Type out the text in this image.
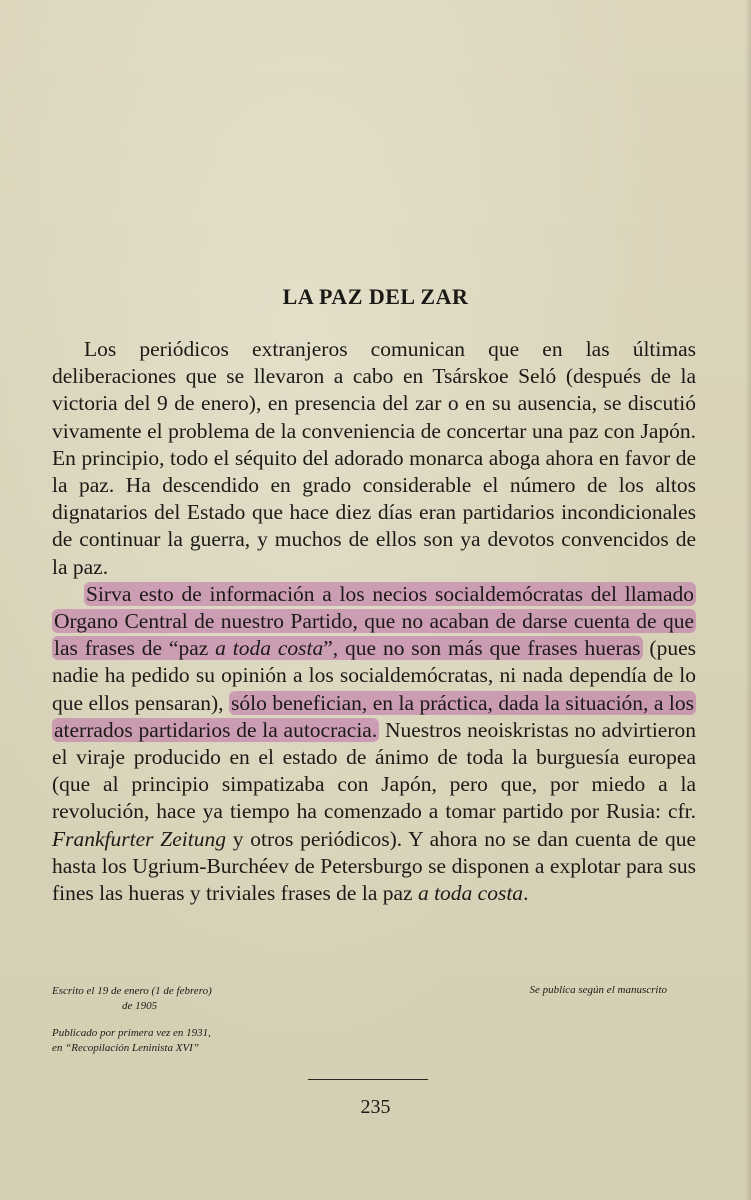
LA PAZ DEL ZAR

Los periódicos extranjeros comunican que en las últimas deliberaciones que se llevaron a cabo en Tsárskoe Seló (después de la victoria del 9 de enero), en presencia del zar o en su ausencia, se discutió vivamente el problema de la conveniencia de concertar una paz con Japón. En principio, todo el séquito del adorado monarca aboga ahora en favor de la paz. Ha descendido en grado considerable el número de los altos dignatarios del Estado que hace diez días eran partidarios incondicionales de continuar la guerra, y muchos de ellos son ya devotos convencidos de la paz.

Sirva esto de información a los necios socialdemócratas del llamado Organo Central de nuestro Partido, que no acaban de darse cuenta de que las frases de “paz a toda costa”, que no son más que frases hueras (pues nadie ha pedido su opinión a los socialdemócratas, ni nada dependía de lo que ellos pensaran), sólo benefician, en la práctica, dada la situación, a los aterrados partidarios de la autocracia. Nuestros neoiskristas no advirtieron el viraje producido en el estado de ánimo de toda la burguesía europea (que al principio simpatizaba con Japón, pero que, por miedo a la revolución, hace ya tiempo ha comenzado a tomar partido por Rusia: cfr. Frankfurter Zeitung y otros periódicos). Y ahora no se dan cuenta de que hasta los Ugrium-Burchéev de Petersburgo se disponen a explotar para sus fines las hueras y triviales frases de la paz a toda costa.

Escrito el 19 de enero (1 de febrero)
de 1905
Publicado por primera vez en 1931,
en “Recopilación Leninista XVI”
Se publica según el manuscrito
235
